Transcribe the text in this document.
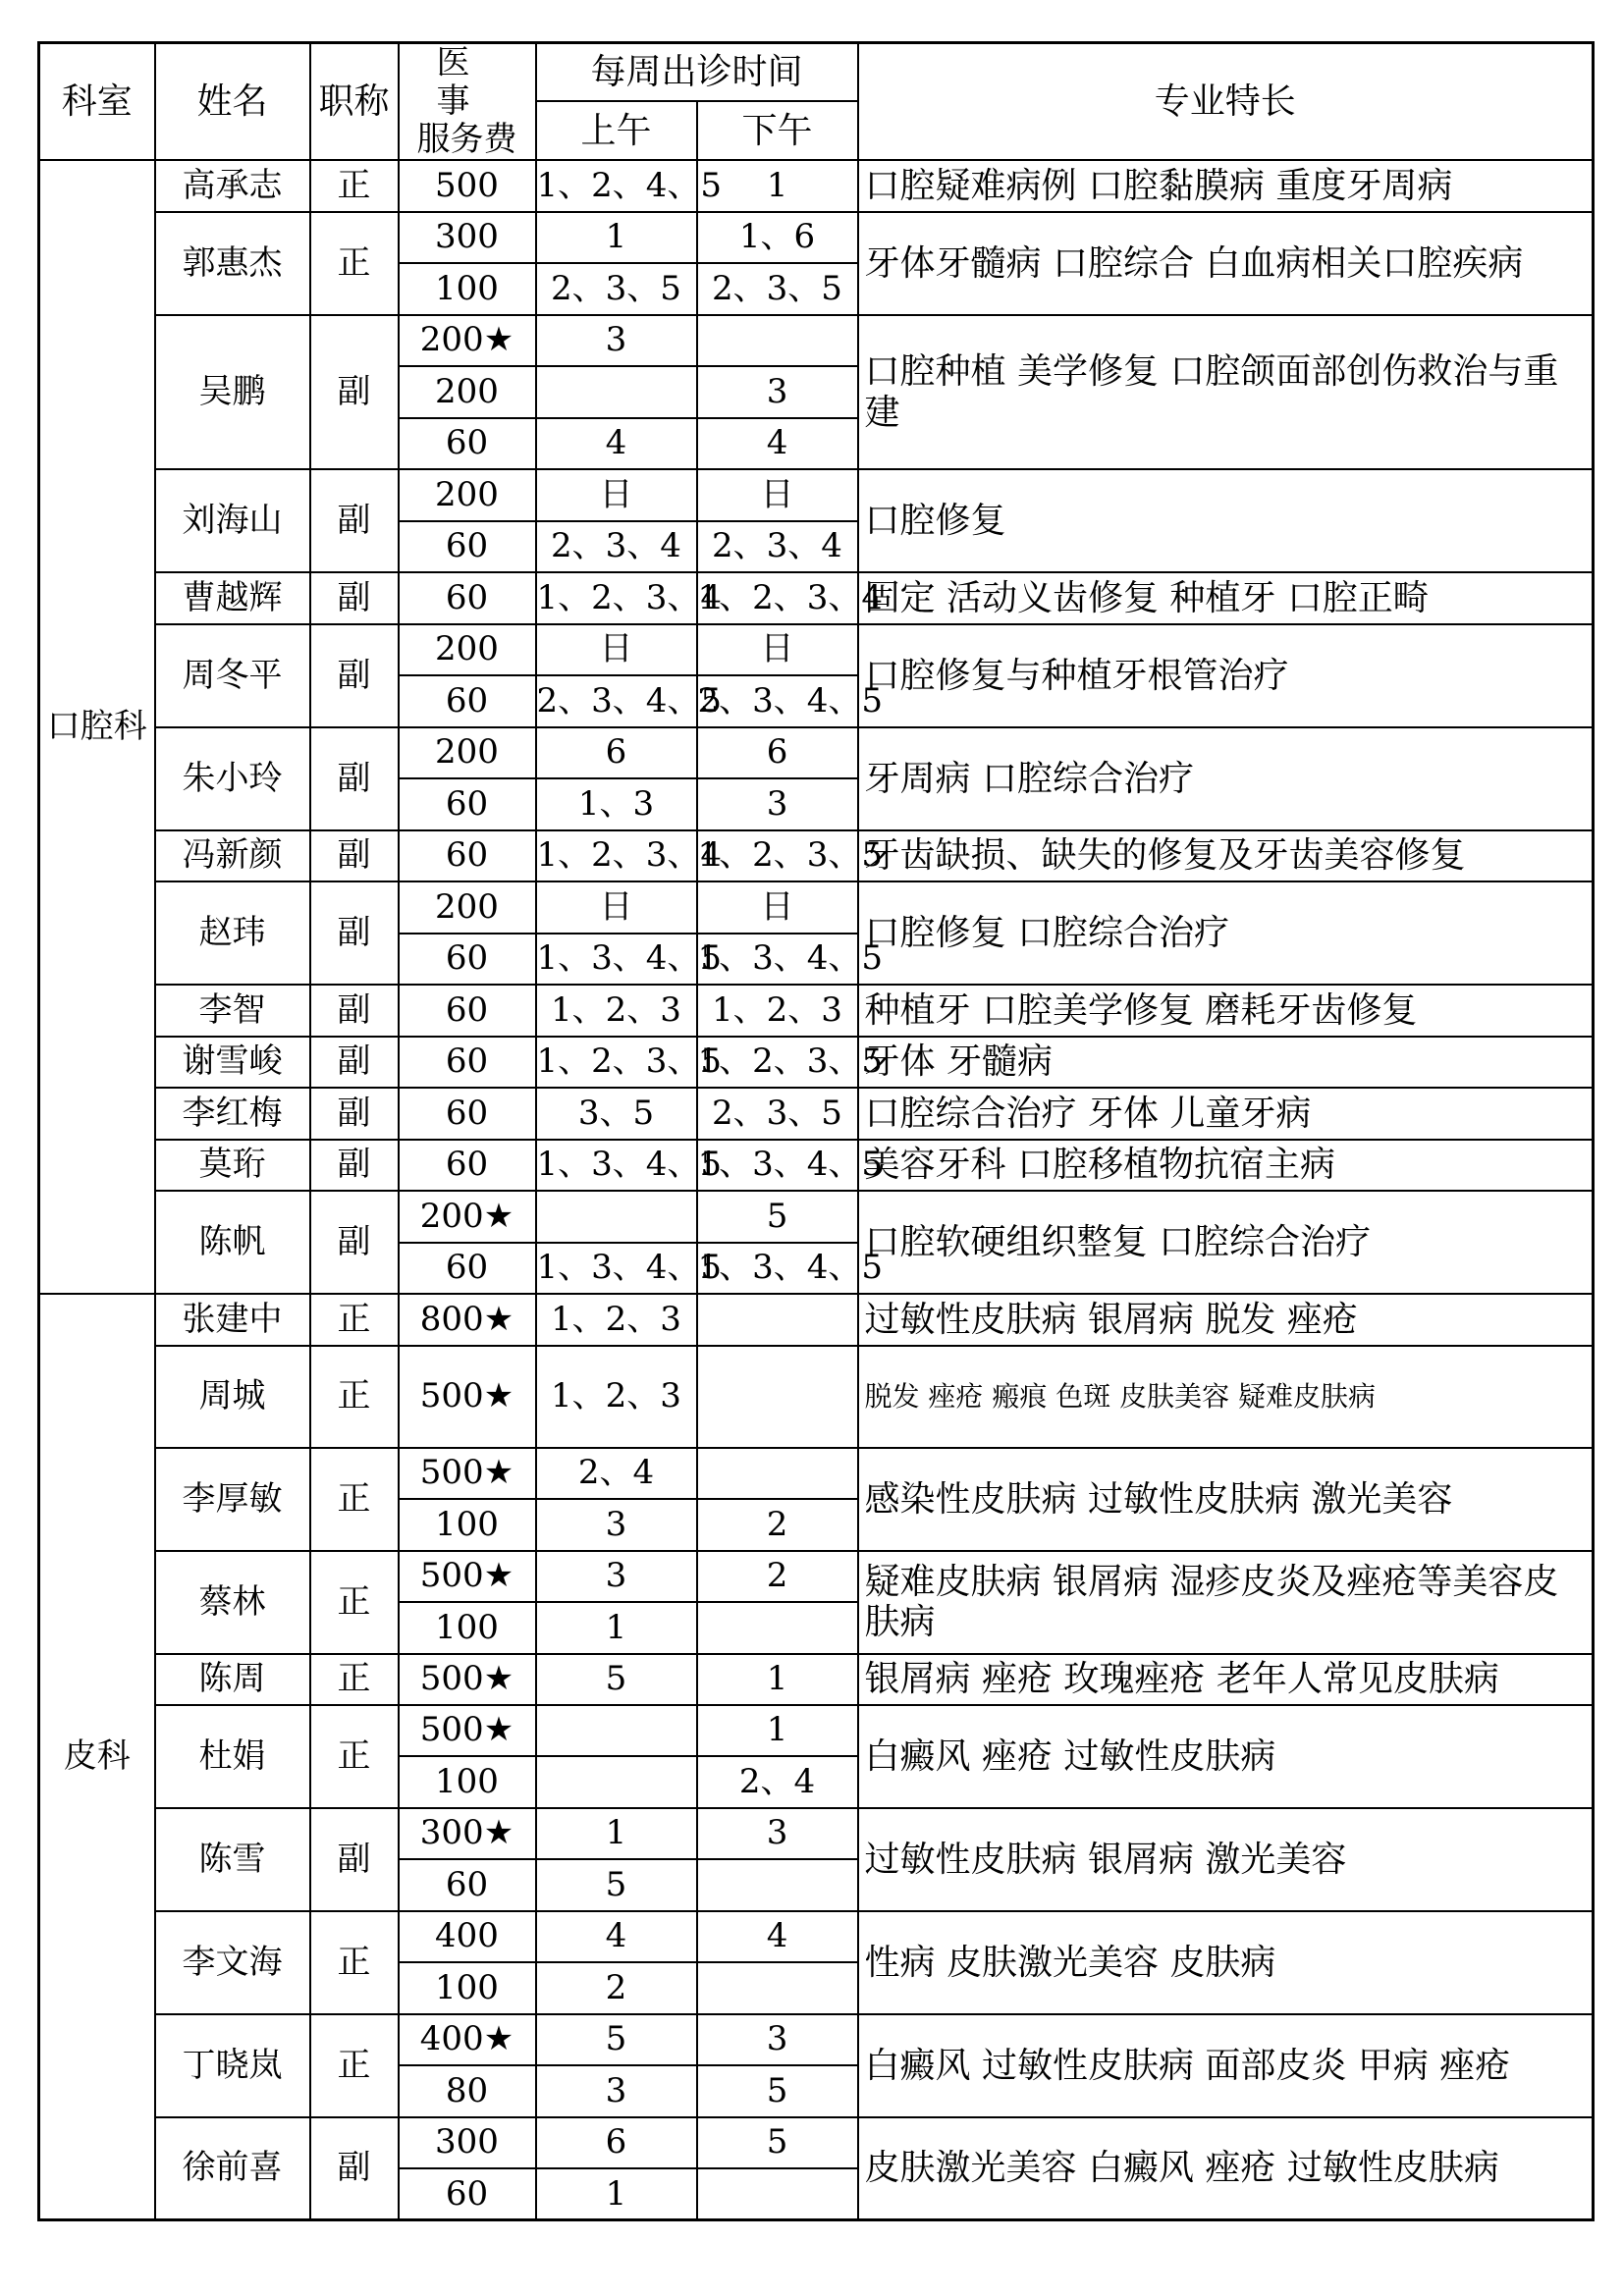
科室	姓名	职称	医 事
服务费	每周出诊时间		专业特长
				上午	下午	
口腔科	高承志	正	500	1、2、4、5	1	口腔疑难病例 口腔黏膜病 重度牙周病
	郭惠杰	正	300	1	1、6	牙体牙髓病 口腔综合 白血病相关口腔疾病
			100	2、3、5	2、3、5	
	吴鹏	副	200★	3		口腔种植 美学修复 口腔颌面部创伤救治与重建
			200		3	
			60	4	4	
	刘海山	副	200	日	日	口腔修复
			60	2、3、4	2、3、4	
	曹越辉	副	60	1、2、3、4	1、2、3、4	固定 活动义齿修复 种植牙 口腔正畸
	周冬平	副	200	日	日	口腔修复与种植牙根管治疗
			60	2、3、4、5	2、3、4、5	
	朱小玲	副	200	6	6	牙周病 口腔综合治疗
			60	1、3	3	
	冯新颜	副	60	1、2、3、4	1、2、3、5	牙齿缺损、缺失的修复及牙齿美容修复
	赵玮	副	200	日	日	口腔修复 口腔综合治疗
			60	1、3、4、5	1、3、4、5	
	李智	副	60	1、2、3	1、2、3	种植牙 口腔美学修复 磨耗牙齿修复
	谢雪峻	副	60	1、2、3、5	1、2、3、5	牙体 牙髓病
	李红梅	副	60	3、5	2、3、5	口腔综合治疗 牙体 儿童牙病
	莫珩	副	60	1、3、4、5	1、3、4、5	美容牙科 口腔移植物抗宿主病
	陈帆	副	200★		5	口腔软硬组织整复 口腔综合治疗
			60	1、3、4、5	1、3、4、5	
皮科	张建中	正	800★	1、2、3		过敏性皮肤病 银屑病 脱发 痤疮
	周城	正	500★	1、2、3		脱发 痤疮 瘢痕 色斑 皮肤美容 疑难皮肤病
	李厚敏	正	500★	2、4		感染性皮肤病 过敏性皮肤病 激光美容
			100	3	2	
	蔡林	正	500★	3	2	疑难皮肤病 银屑病 湿疹皮炎及痤疮等美容皮肤病
			100	1		
	陈周	正	500★	5	1	银屑病 痤疮 玫瑰痤疮 老年人常见皮肤病
	杜娟	正	500★		1	白癜风 痤疮 过敏性皮肤病
			100		2、4	
	陈雪	副	300★	1	3	过敏性皮肤病 银屑病 激光美容
			60	5		
	李文海	正	400	4	4	性病 皮肤激光美容 皮肤病
			100	2		
	丁晓岚	正	400★	5	3	白癜风 过敏性皮肤病 面部皮炎 甲病 痤疮
			80	3	5	
	徐前喜	副	300	6	5	皮肤激光美容 白癜风 痤疮 过敏性皮肤病
			60	1		
